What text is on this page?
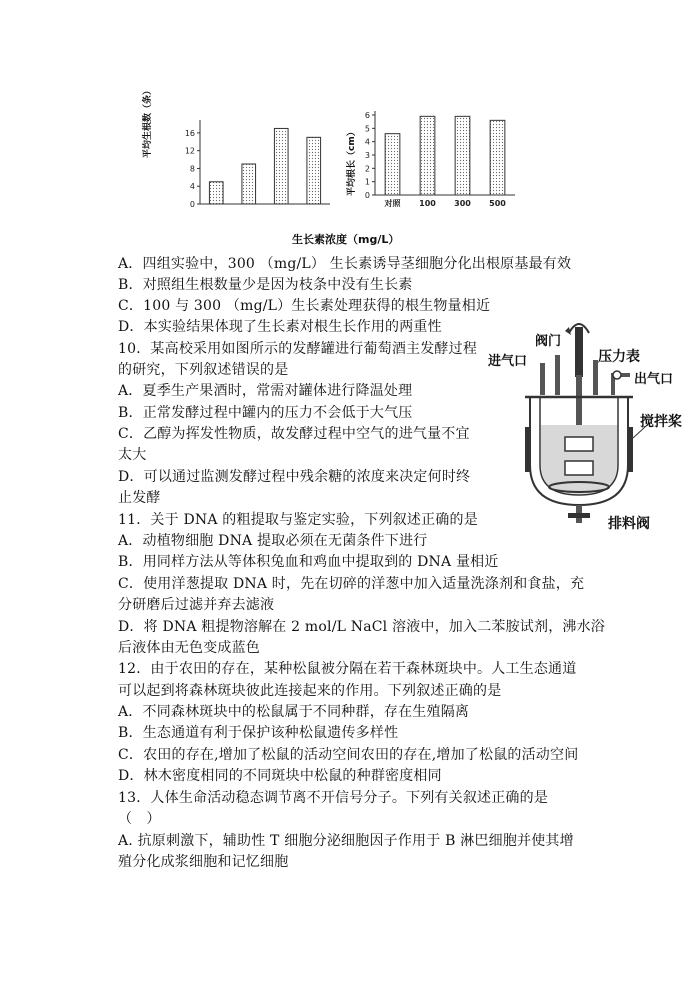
0
4
8
12
16
平均生根数（条）
0
1
2
3
4
5
6
对照 100 300 500
平均根长（cm）
生长素浓度（mg/L）
阀门
压力表
进气口
出气口
搅拌桨
排料阀
A．四组实验中，300 （mg/L） 生长素诱导茎细胞分化出根原基最有效
B．对照组生根数量少是因为枝条中没有生长素
C．100 与 300 （mg/L）生长素处理获得的根生物量相近
D．本实验结果体现了生长素对根生长作用的两重性
10．某高校采用如图所示的发酵罐进行葡萄酒主发酵过程
的研究，下列叙述错误的是
A．夏季生产果酒时，常需对罐体进行降温处理
B．正常发酵过程中罐内的压力不会低于大气压
C．乙醇为挥发性物质，故发酵过程中空气的进气量不宜
太大
D．可以通过监测发酵过程中残余糖的浓度来决定何时终
止发酵
11．关于 DNA 的粗提取与鉴定实验，下列叙述正确的是
A．动植物细胞 DNA 提取必须在无菌条件下进行
B．用同样方法从等体积兔血和鸡血中提取到的 DNA 量相近
C．使用洋葱提取 DNA 时，先在切碎的洋葱中加入适量洗涤剂和食盐，充
分研磨后过滤并弃去滤液
D．将 DNA 粗提物溶解在 2 mol/L NaCl 溶液中，加入二苯胺试剂，沸水浴
后液体由无色变成蓝色
12．由于农田的存在，某种松鼠被分隔在若干森林斑块中。人工生态通道
可以起到将森林斑块彼此连接起来的作用。下列叙述正确的是
A．不同森林斑块中的松鼠属于不同种群，存在生殖隔离
B．生态通道有利于保护该种松鼠遗传多样性
C．农田的存在,增加了松鼠的活动空间农田的存在,增加了松鼠的活动空间
D．林木密度相同的不同斑块中松鼠的种群密度相同
13．人体生命活动稳态调节离不开信号分子。下列有关叙述正确的是
（　）
A. 抗原刺激下，辅助性 T 细胞分泌细胞因子作用于 B 淋巴细胞并使其增
殖分化成浆细胞和记忆细胞
